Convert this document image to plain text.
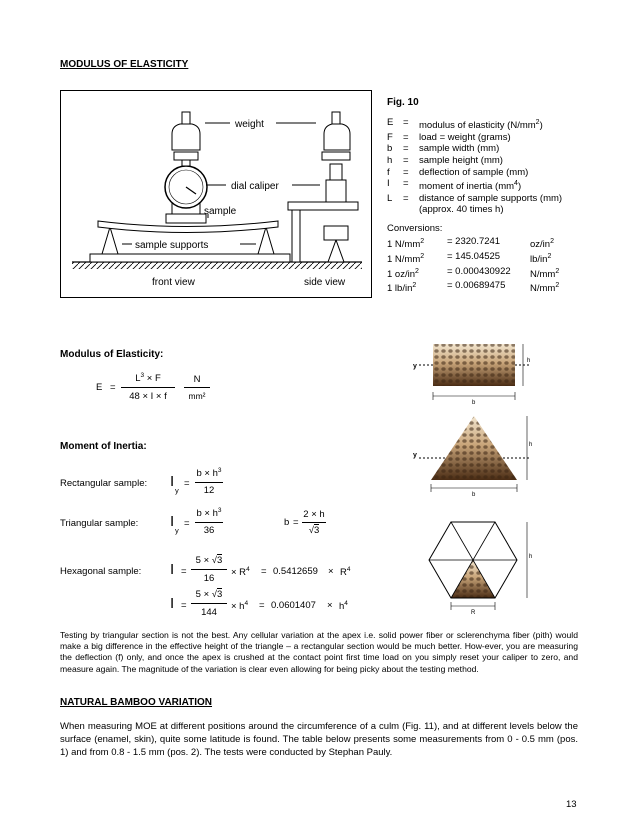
MODULUS OF ELASTICITY
weight
dial caliper
sample
sample supports
front view	side view
Fig. 10
E	=	modulus of elasticity $(N/mm^2)$
F	=	load = weight (grams)
b	=	sample width (mm)
h	=	sample height (mm)
f	=	deflection of sample (mm)
I	=	moment of inertia $(mm^4)$
L	=	distance of sample supports (mm)
(approx. 40 times h)
Conversions:
1 $N/mm^2$	= 2320.7241	$oz/in^2$
1 $N/mm^2$	= 145.04525	$lb/in^2$
1 $oz/in^2$	= 0.000430922	$N/mm^2$
1 $lb/in^2$	= 0.00689475	$N/mm^2$
Modulus of Elasticity:
E =
$L^3 \times F$
48 × I × f
N
mm²
Moment of Inertia:
Rectangular sample: I
y
=
$b \times h^3$
12
Triangular sample: I
y
=
$b \times h^3$
36
b =
2 × h
√3
Hexagonal sample: I =
5 × √3
16
× $R^4 = 0.5412659 \times R^4$
I =
5 × √3
144
× $h^4 = 0.0601407 \times h^4$
y
h
b
y
h
b
h
R
Testing by triangular section is not the best. Any cellular variation at the apex i.e. solid power fiber or sclerenchyma fiber (pith) would make a big difference in the effective height of the triangle – a rectangular section would be much better. How-ever, you are measuring the deflection (f) only, and once the apex is crushed at the contact point first time load on you simply reset your caliper to zero, and measure again. The magnitude of the variation is clear even allowing for being picky about the testing method.
NATURAL BAMBOO VARIATION
When measuring MOE at different positions around the circumference of a culm (Fig. 11), and at different levels below the surface (enamel, skin), quite some latitude is found. The table below presents some measurements from 0 - 0.5 mm (pos. 1) and from 0.8 - 1.5 mm (pos. 2). The tests were conducted by Stephan Pauly.
13
